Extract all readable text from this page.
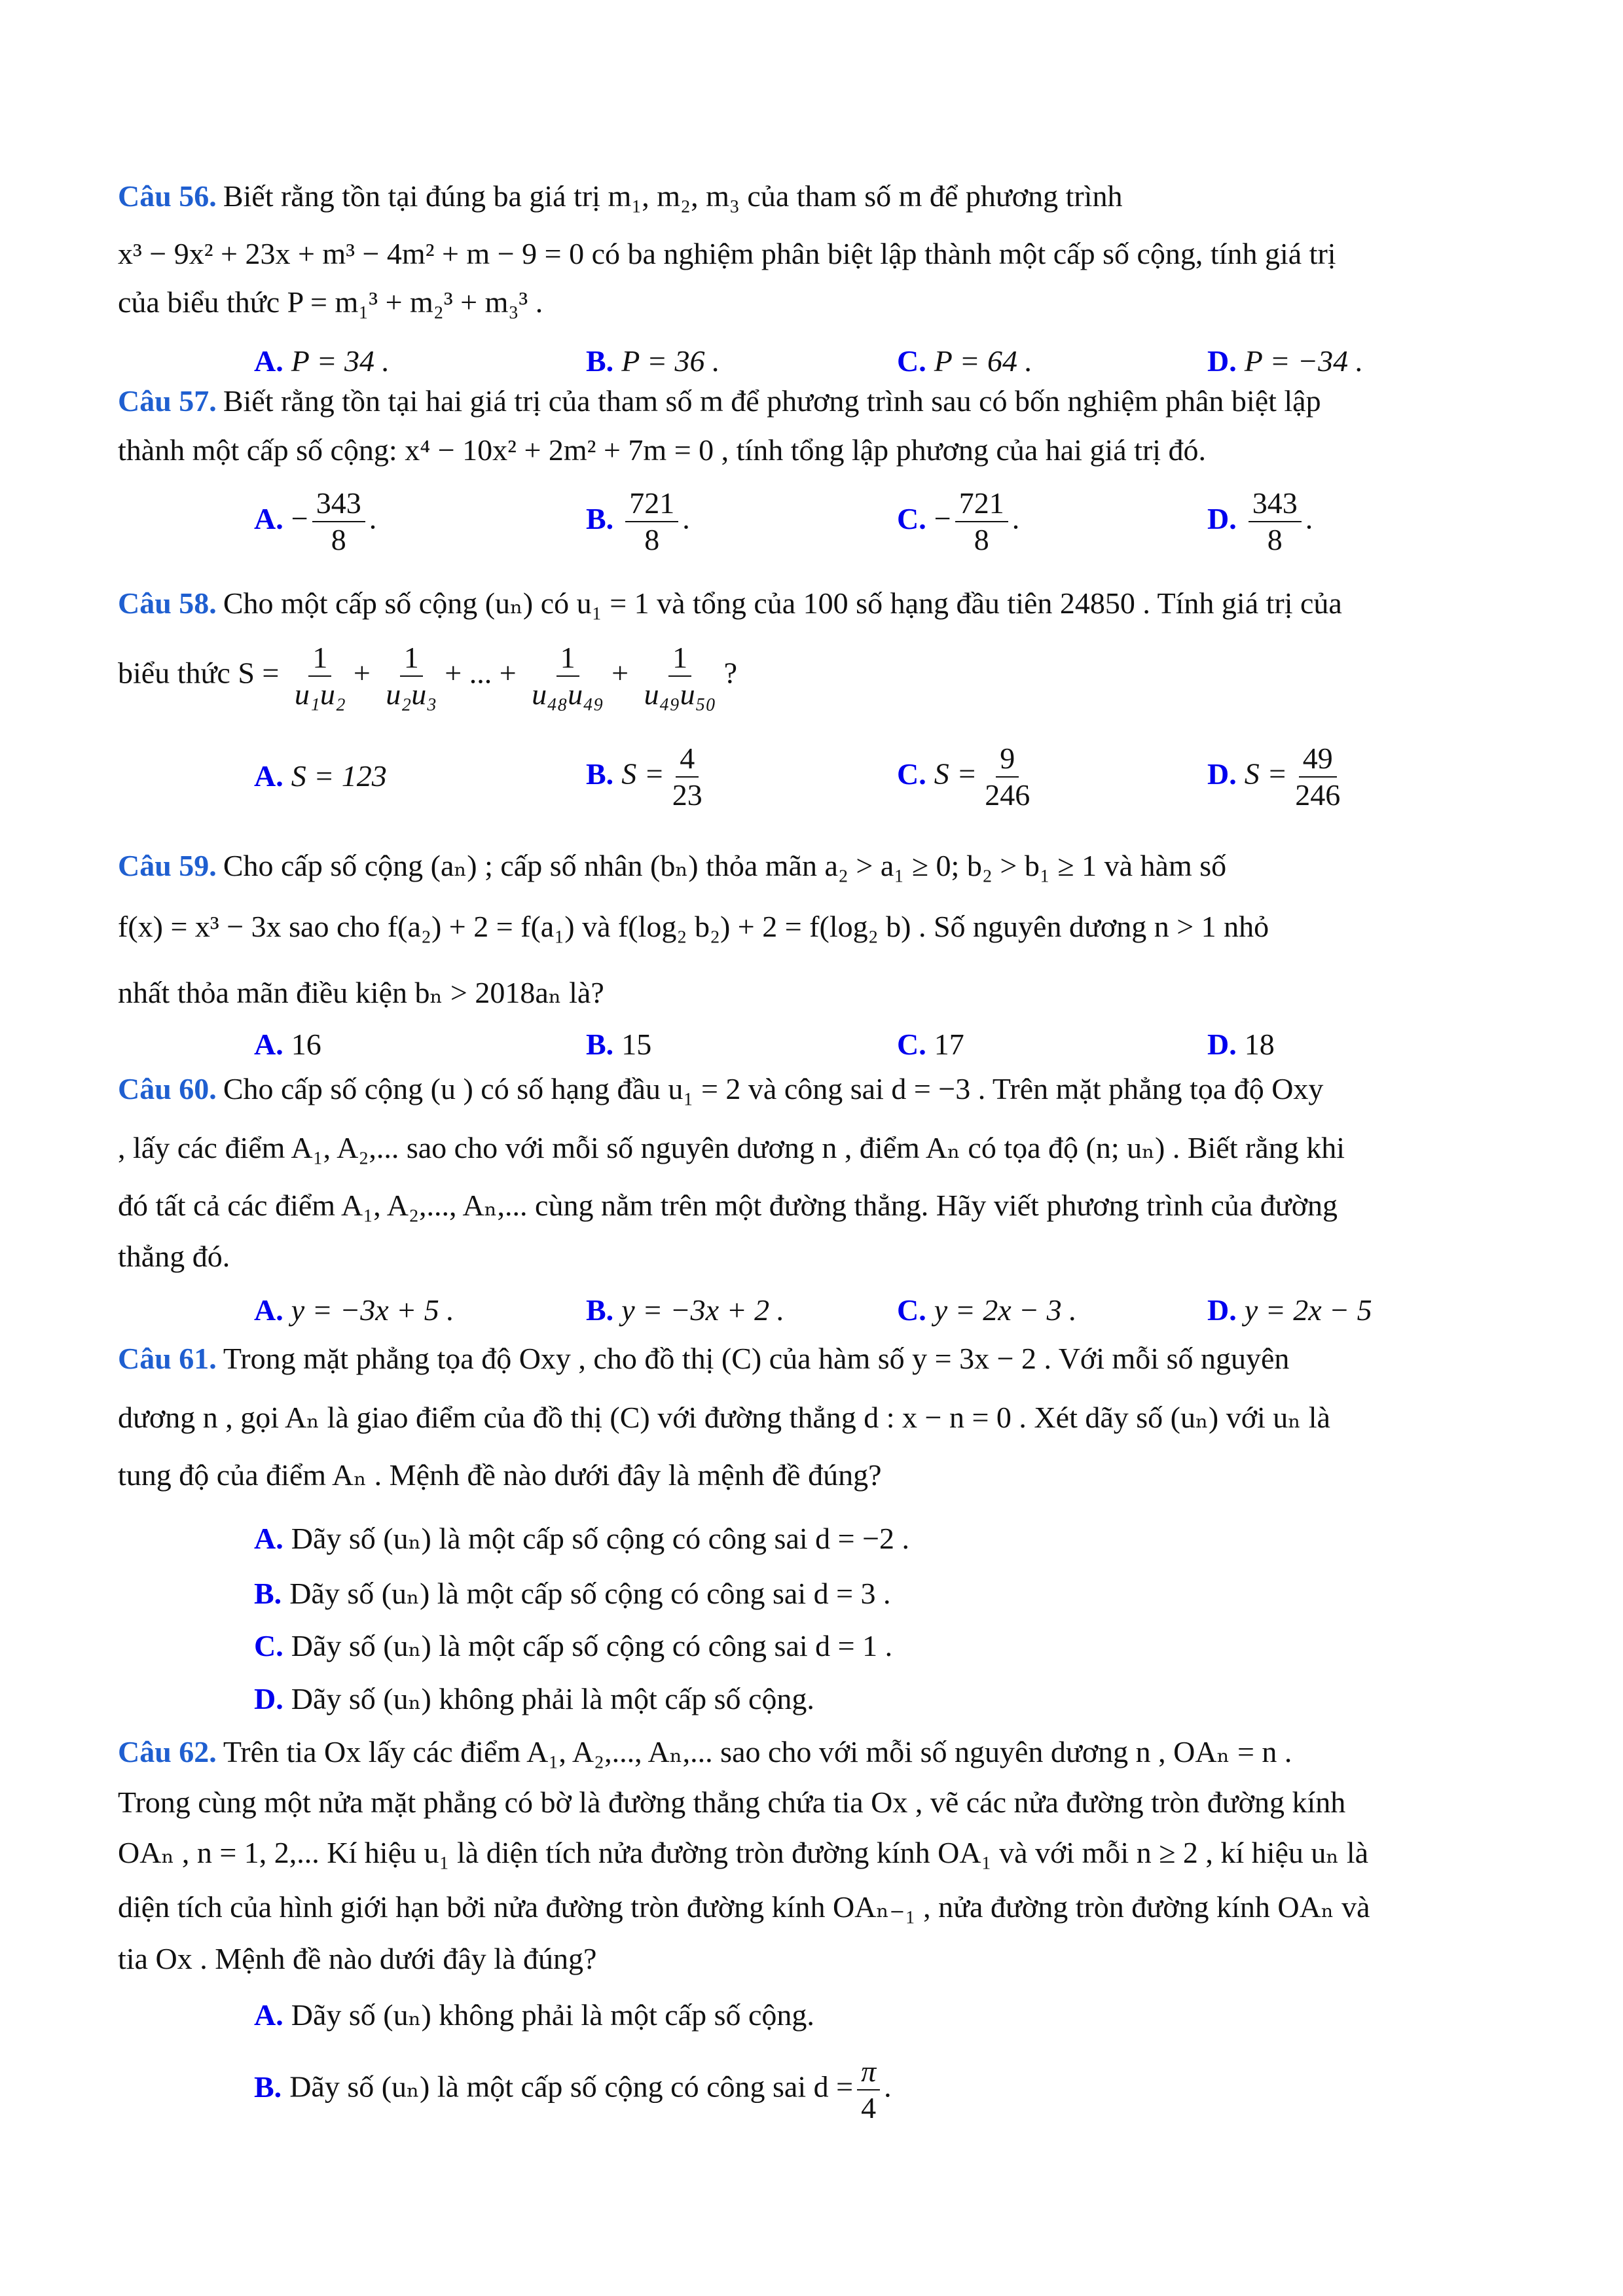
Câu 56. Biết rằng tồn tại đúng ba giá trị m₁, m₂, m₃ của tham số m để phương trình
x³ − 9x² + 23x + m³ − 4m² + m − 9 = 0 có ba nghiệm phân biệt lập thành một cấp số cộng, tính giá trị
của biểu thức P = m₁³ + m₂³ + m₃³ .
A. P = 34 .	B. P = 36 .	C. P = 64 .	D. P = −34 .
Câu 57. Biết rằng tồn tại hai giá trị của tham số m để phương trình sau có bốn nghiệm phân biệt lập
thành một cấp số cộng: x⁴ − 10x² + 2m² + 7m = 0 , tính tổng lập phương của hai giá trị đó.
A. − $\frac{343}{8}$ .	B. $\frac{721}{8}$ .	C. − $\frac{721}{8}$ .	D. $\frac{343}{8}$ .
Câu 58. Cho một cấp số cộng (uₙ) có u₁ = 1 và tổng của 100 số hạng đầu tiên 24850 . Tính giá trị của
biểu thức $S = \frac{1}{\text{u₁u₂}} + \frac{1}{\text{u₂u₃}}$ + ... + $\frac{1}{\text{u₄₈u₄₉}} + \frac{1}{\text{u₄₉u₅₀}}$ ?
A. S = 123	B. $S = \frac{4}{23}$	C. $S = \frac{9}{246}$	D. $S = \frac{49}{246}$
Câu 59. Cho cấp số cộng (aₙ) ; cấp số nhân (bₙ) thỏa mãn a₂ > a₁ ≥ 0; b₂ > b₁ ≥ 1 và hàm số
f(x) = x³ − 3x sao cho f(a₂) + 2 = f(a₁) và f(log₂ b₂) + 2 = f(log₂ b) . Số nguyên dương n > 1 nhỏ
nhất thỏa mãn điều kiện bₙ > 2018aₙ là?
A. 16	B. 15	C. 17	D. 18
Câu 60. Cho cấp số cộng (u ) có số hạng đầu u₁ = 2 và công sai d = −3 . Trên mặt phẳng tọa độ Oxy
, lấy các điểm A₁, A₂,... sao cho với mỗi số nguyên dương n , điểm Aₙ có tọa độ (n; uₙ) . Biết rằng khi
đó tất cả các điểm A₁, A₂,..., Aₙ,... cùng nằm trên một đường thẳng. Hãy viết phương trình của đường
thẳng đó.
A. y = −3x + 5 .	B. y = −3x + 2 .	C. y = 2x − 3 .	D. y = 2x − 5
Câu 61. Trong mặt phẳng tọa độ Oxy , cho đồ thị (C) của hàm số y = 3x − 2 . Với mỗi số nguyên
dương n , gọi Aₙ là giao điểm của đồ thị (C) với đường thẳng d : x − n = 0 . Xét dãy số (uₙ) với uₙ là
tung độ của điểm Aₙ . Mệnh đề nào dưới đây là mệnh đề đúng?
A. Dãy số (uₙ) là một cấp số cộng có công sai d = −2 .
B. Dãy số (uₙ) là một cấp số cộng có công sai d = 3 .
C. Dãy số (uₙ) là một cấp số cộng có công sai d = 1 .
D. Dãy số (uₙ) không phải là một cấp số cộng.
Câu 62. Trên tia Ox lấy các điểm A₁, A₂,..., Aₙ,... sao cho với mỗi số nguyên dương n , OAₙ = n .
Trong cùng một nửa mặt phẳng có bờ là đường thẳng chứa tia Ox , vẽ các nửa đường tròn đường kính
OAₙ , n = 1, 2,... Kí hiệu u₁ là diện tích nửa đường tròn đường kính OA₁ và với mỗi n ≥ 2 , kí hiệu uₙ là
diện tích của hình giới hạn bởi nửa đường tròn đường kính OAₙ₋₁ , nửa đường tròn đường kính OAₙ và
tia Ox . Mệnh đề nào dưới đây là đúng?
A. Dãy số (uₙ) không phải là một cấp số cộng.
B. Dãy số (uₙ) là một cấp số cộng có công sai $d = \frac{\pi}{4}$ .
